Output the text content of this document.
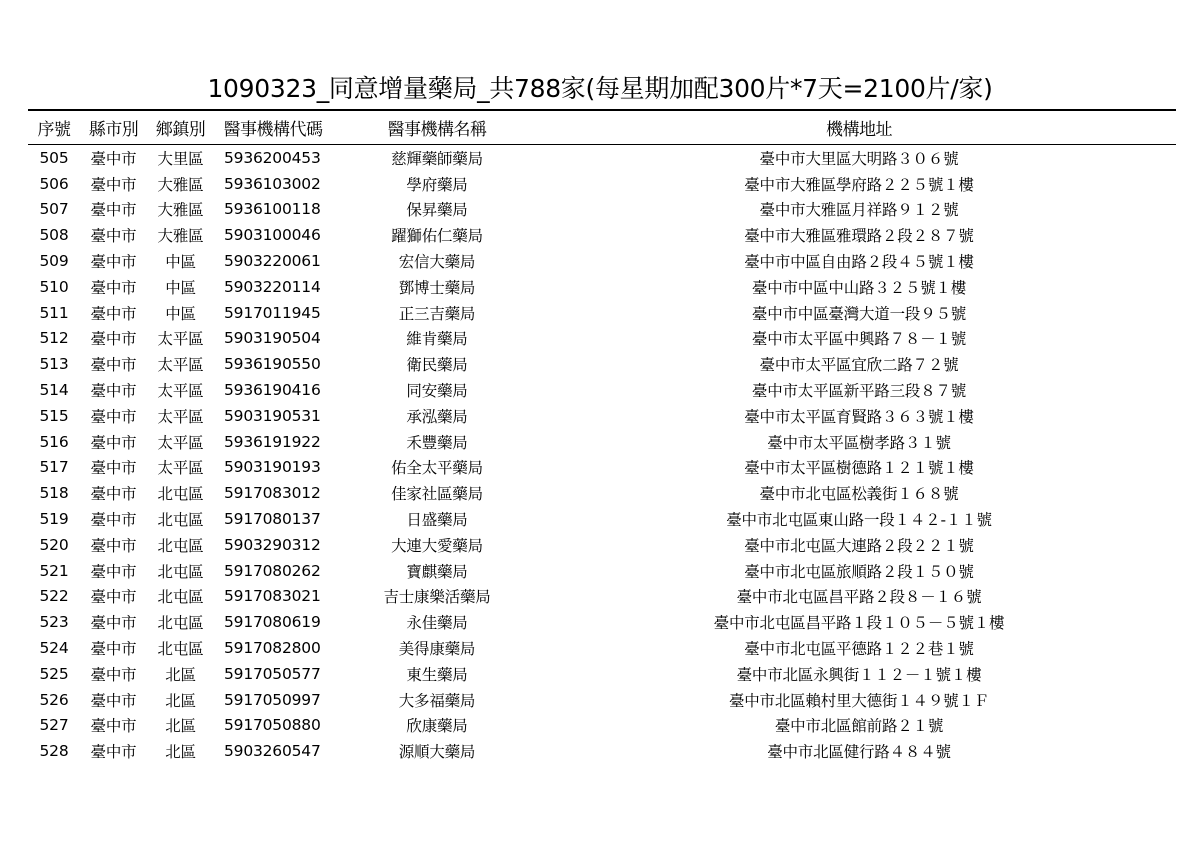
1090323_同意增量藥局_共788家(每星期加配300片*7天=2100片/家)
序號	縣市別	鄉鎮別	醫事機構代碼	醫事機構名稱	機構地址
505	臺中市	大里區	5936200453	慈輝藥師藥局	臺中市大里區大明路３０６號
506	臺中市	大雅區	5936103002	學府藥局	臺中市大雅區學府路２２５號１樓
507	臺中市	大雅區	5936100118	保昇藥局	臺中市大雅區月祥路９１２號
508	臺中市	大雅區	5903100046	躍獅佑仁藥局	臺中市大雅區雅環路２段２８７號
509	臺中市	中區	5903220061	宏信大藥局	臺中市中區自由路２段４５號１樓
510	臺中市	中區	5903220114	鄧博士藥局	臺中市中區中山路３２５號１樓
511	臺中市	中區	5917011945	正三吉藥局	臺中市中區臺灣大道一段９５號
512	臺中市	太平區	5903190504	維肯藥局	臺中市太平區中興路７８－１號
513	臺中市	太平區	5936190550	衛民藥局	臺中市太平區宜欣二路７２號
514	臺中市	太平區	5936190416	同安藥局	臺中市太平區新平路三段８７號
515	臺中市	太平區	5903190531	承泓藥局	臺中市太平區育賢路３６３號１樓
516	臺中市	太平區	5936191922	禾豐藥局	臺中市太平區樹孝路３１號
517	臺中市	太平區	5903190193	佑全太平藥局	臺中市太平區樹德路１２１號１樓
518	臺中市	北屯區	5917083012	佳家社區藥局	臺中市北屯區松義街１６８號
519	臺中市	北屯區	5917080137	日盛藥局	臺中市北屯區東山路一段１４２-１１號
520	臺中市	北屯區	5903290312	大連大愛藥局	臺中市北屯區大連路２段２２１號
521	臺中市	北屯區	5917080262	寶麒藥局	臺中市北屯區旅順路２段１５０號
522	臺中市	北屯區	5917083021	吉士康樂活藥局	臺中市北屯區昌平路２段８－１６號
523	臺中市	北屯區	5917080619	永佳藥局	臺中市北屯區昌平路１段１０５－５號１樓
524	臺中市	北屯區	5917082800	美得康藥局	臺中市北屯區平德路１２２巷１號
525	臺中市	北區	5917050577	東生藥局	臺中市北區永興街１１２－１號１樓
526	臺中市	北區	5917050997	大多福藥局	臺中市北區賴村里大德街１４９號１Ｆ
527	臺中市	北區	5917050880	欣康藥局	臺中市北區館前路２１號
528	臺中市	北區	5903260547	源順大藥局	臺中市北區健行路４８４號
